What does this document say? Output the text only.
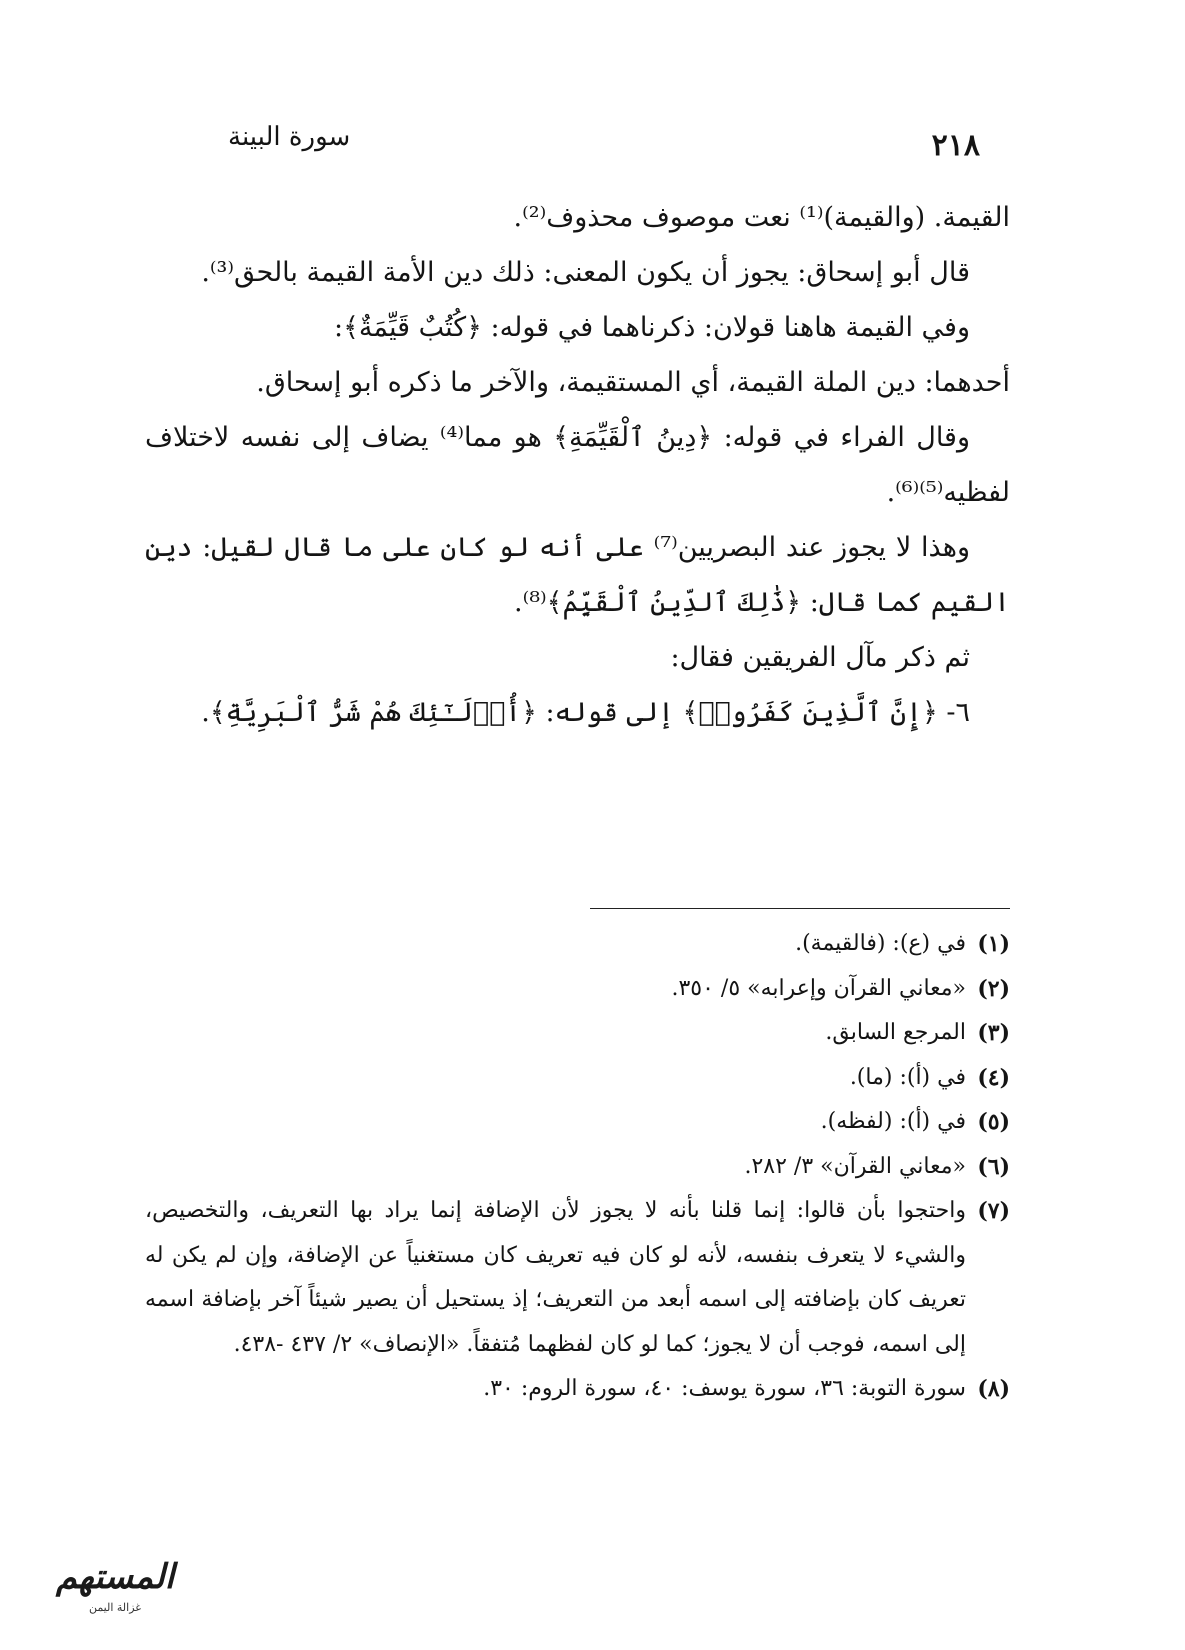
٢١٨
سورة البينة

القيمة. (والقيمة)⁽¹⁾ نعت موصوف محذوف⁽²⁾.

قال أبو إسحاق: يجوز أن يكون المعنى: ذلك دين الأمة القيمة بالحق⁽³⁾.

وفي القيمة هاهنا قولان: ذكرناهما في قوله: ﴿كُتُبٌ قَيِّمَةٌ﴾:

أحدهما: دين الملة القيمة، أي المستقيمة، والآخر ما ذكره أبو إسحاق.

وقال الفراء في قوله: ﴿دِينُ ٱلْقَيِّمَةِ﴾ هو مما⁽⁴⁾ يضاف إلى نفسه لاختلاف لفظيه⁽⁵⁾⁽⁶⁾.

وهذا لا يجوز عند البصريين⁽⁷⁾ على أنه لو كان على ما قال لقيل: دين القيم كما قال: ﴿ذَٰلِكَ ٱلدِّينُ ٱلْقَيِّمُ﴾⁽⁸⁾.

ثم ذكر مآل الفريقين فقال:

٦- ﴿إِنَّ ٱلَّذِينَ كَفَرُوا۟﴾ إلى قوله: ﴿أُو۟لَـٰٓئِكَ هُمْ شَرُّ ٱلْبَرِيَّةِ﴾.

(١)
في (ع): (فالقيمة).
(٢)
«معاني القرآن وإعرابه» ٥/ ٣٥٠.
(٣)
المرجع السابق.
(٤)
في (أ): (ما).
(٥)
في (أ): (لفظه).
(٦)
«معاني القرآن» ٣/ ٢٨٢.
(٧)
واحتجوا بأن قالوا: إنما قلنا بأنه لا يجوز لأن الإضافة إنما يراد بها التعريف، والتخصيص، والشيء لا يتعرف بنفسه، لأنه لو كان فيه تعريف كان مستغنياً عن الإضافة، وإن لم يكن له تعريف كان بإضافته إلى اسمه أبعد من التعريف؛ إذ يستحيل أن يصير شيئاً آخر بإضافة اسمه إلى اسمه، فوجب أن لا يجوز؛ كما لو كان لفظهما مُتفقاً. «الإنصاف» ٢/ ٤٣٧ -٤٣٨.
(٨)
سورة التوبة: ٣٦، سورة يوسف: ٤٠، سورة الروم: ٣٠.
المستهم
غزالة اليمن
